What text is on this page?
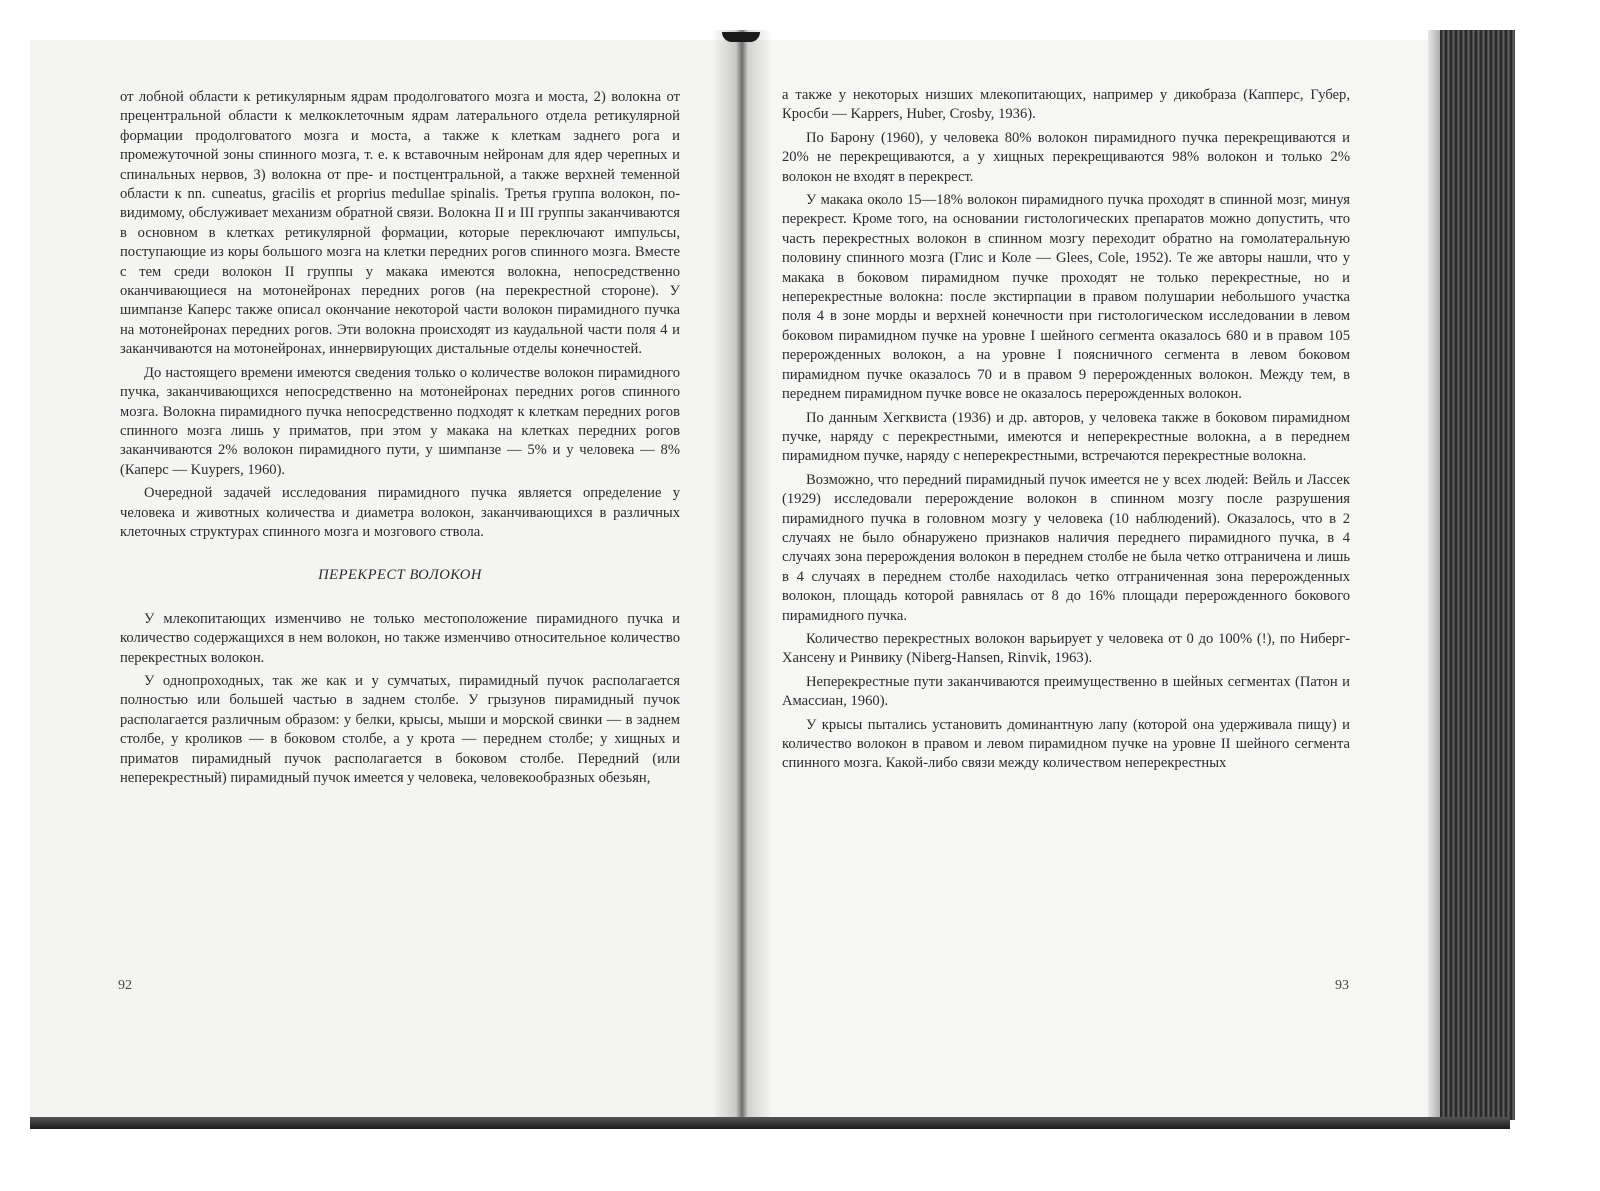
от лобной области к ретикулярным ядрам продолговатого мозга и моста, 2) волокна от прецентральной области к мелкоклеточным ядрам латерального отдела ретикулярной формации продолговатого мозга и моста, а также к клеткам заднего рога и промежуточной зоны спинного мозга, т. е. к вставочным нейронам для ядер черепных и спинальных нервов, 3) волокна от пре- и постцентральной, а также верхней теменной области к nn. cuneatus, gracilis et proprius medullae spinalis. Третья группа волокон, по-видимому, обслуживает механизм обратной связи. Волокна II и III группы заканчиваются в основном в клетках ретикулярной формации, которые переключают импульсы, поступающие из коры большого мозга на клетки передних рогов спинного мозга. Вместе с тем среди волокон II группы у макака имеются волокна, непосредственно оканчивающиеся на мотонейронах передних рогов (на перекрестной стороне). У шимпанзе Каперс также описал окончание некоторой части волокон пирамидного пучка на мотонейронах передних рогов. Эти волокна происходят из каудальной части поля 4 и заканчиваются на мотонейронах, иннервирующих дистальные отделы конечностей.

До настоящего времени имеются сведения только о количестве волокон пирамидного пучка, заканчивающихся непосредственно на мотонейронах передних рогов спинного мозга. Волокна пирамидного пучка непосредственно подходят к клеткам передних рогов спинного мозга лишь у приматов, при этом у макака на клетках передних рогов заканчиваются 2% волокон пирамидного пути, у шимпанзе — 5% и у человека — 8% (Каперс — Kuypers, 1960).

Очередной задачей исследования пирамидного пучка является определение у человека и животных количества и диаметра волокон, заканчивающихся в различных клеточных структурах спинного мозга и мозгового ствола.

ПЕРЕКРЕСТ ВОЛОКОН

У млекопитающих изменчиво не только местоположение пирамидного пучка и количество содержащихся в нем волокон, но также изменчиво относительное количество перекрестных волокон.

У однопроходных, так же как и у сумчатых, пирамидный пучок располагается полностью или большей частью в заднем столбе. У грызунов пирамидный пучок располагается различным образом: у белки, крысы, мыши и морской свинки — в заднем столбе, у кроликов — в боковом столбе, а у крота — переднем столбе; у хищных и приматов пирамидный пучок располагается в боковом столбе. Передний (или неперекрестный) пирамидный пучок имеется у человека, человекообразных обезьян,

92

а также у некоторых низших млекопитающих, например у дикобраза (Капперс, Губер, Кросби — Kappers, Huber, Crosby, 1936).

По Барону (1960), у человека 80% волокон пирамидного пучка перекрещиваются и 20% не перекрещиваются, а у хищных перекрещиваются 98% волокон и только 2% волокон не входят в перекрест.

У макака около 15—18% волокон пирамидного пучка проходят в спинной мозг, минуя перекрест. Кроме того, на основании гистологических препаратов можно допустить, что часть перекрестных волокон в спинном мозгу переходит обратно на гомолатеральную половину спинного мозга (Глис и Коле — Glees, Cole, 1952). Те же авторы нашли, что у макака в боковом пирамидном пучке проходят не только перекрестные, но и неперекрестные волокна: после экстирпации в правом полушарии небольшого участка поля 4 в зоне морды и верхней конечности при гистологическом исследовании в левом боковом пирамидном пучке на уровне I шейного сегмента оказалось 680 и в правом 105 перерожденных волокон, а на уровне I поясничного сегмента в левом боковом пирамидном пучке оказалось 70 и в правом 9 перерожденных волокон. Между тем, в переднем пирамидном пучке вовсе не оказалось перерожденных волокон.

По данным Хегквиста (1936) и др. авторов, у человека также в боковом пирамидном пучке, наряду с перекрестными, имеются и неперекрестные волокна, а в переднем пирамидном пучке, наряду с неперекрестными, встречаются перекрестные волокна.

Возможно, что передний пирамидный пучок имеется не у всех людей: Вейль и Лассек (1929) исследовали перерождение волокон в спинном мозгу после разрушения пирамидного пучка в головном мозгу у человека (10 наблюдений). Оказалось, что в 2 случаях не было обнаружено признаков наличия переднего пирамидного пучка, в 4 случаях зона перерождения волокон в переднем столбе не была четко отграничена и лишь в 4 случаях в переднем столбе находилась четко отграниченная зона перерожденных волокон, площадь которой равнялась от 8 до 16% площади перерожденного бокового пирамидного пучка.

Количество перекрестных волокон варьирует у человека от 0 до 100% (!), по Ниберг-Хансену и Ринвику (Niberg-Hansen, Rinvik, 1963).

Неперекрестные пути заканчиваются преимущественно в шейных сегментах (Патон и Амассиан, 1960).

У крысы пытались установить доминантную лапу (которой она удерживала пищу) и количество волокон в правом и левом пирамидном пучке на уровне II шейного сегмента спинного мозга. Какой-либо связи между количеством неперекрестных

93
